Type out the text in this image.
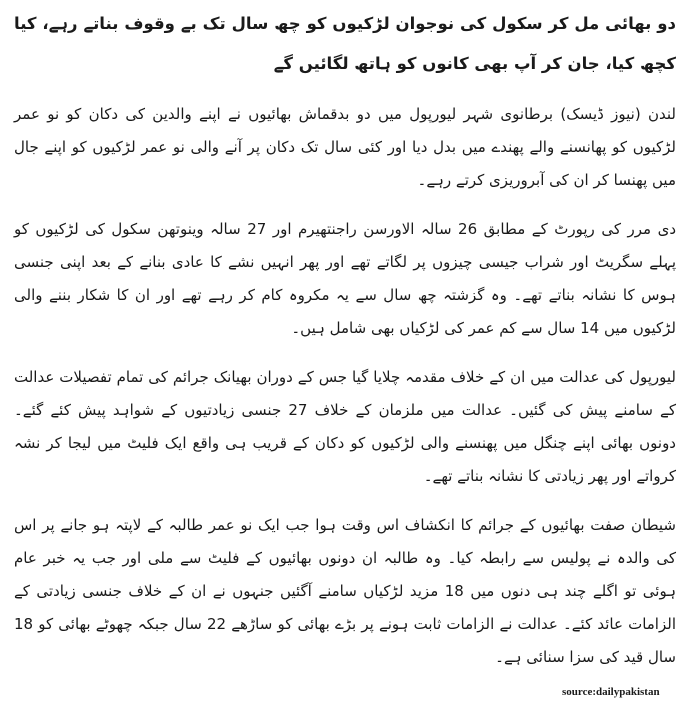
دو بھائی مل کر سکول کی نوجوان لڑکیوں کو چھ سال تک بے وقوف بناتے رہے، کیا کچھ کیا، جان کر آپ بھی کانوں کو ہاتھ لگائیں گے
لندن (نیوز ڈیسک) برطانوی شہر لیورپول میں دو بدقماش بھائیوں نے اپنے والدین کی دکان کو نو عمر لڑکیوں کو پھانسنے والے پھندے میں بدل دیا اور کئی سال تک دکان پر آنے والی نو عمر لڑکیوں کو اپنے جال میں پھنسا کر ان کی آبروریزی کرتے رہے۔
دی مرر کی رپورٹ کے مطابق 26 سالہ الاورسن راجنتھیرم اور 27 سالہ وینوتھن سکول کی لڑکیوں کو پہلے سگریٹ اور شراب جیسی چیزوں پر لگاتے تھے اور پھر انہیں نشے کا عادی بنانے کے بعد اپنی جنسی ہوس کا نشانہ بناتے تھے۔ وہ گزشتہ چھ سال سے یہ مکروہ کام کر رہے تھے اور ان کا شکار بننے والی لڑکیوں میں 14 سال سے کم عمر کی لڑکیاں بھی شامل ہیں۔
لیورپول کی عدالت میں ان کے خلاف مقدمہ چلایا گیا جس کے دوران بھیانک جرائم کی تمام تفصیلات عدالت کے سامنے پیش کی گئیں۔ عدالت میں ملزمان کے خلاف 27 جنسی زیادتیوں کے شواہد پیش کئے گئے۔ دونوں بھائی اپنے چنگل میں پھنسنے والی لڑکیوں کو دکان کے قریب ہی واقع ایک فلیٹ میں لیجا کر نشہ کرواتے اور پھر زیادتی کا نشانہ بناتے تھے۔
شیطان صفت بھائیوں کے جرائم کا انکشاف اس وقت ہوا جب ایک نو عمر طالبہ کے لاپتہ ہو جانے پر اس کی والدہ نے پولیس سے رابطہ کیا۔ وہ طالبہ ان دونوں بھائیوں کے فلیٹ سے ملی اور جب یہ خبر عام ہوئی تو اگلے چند ہی دنوں میں 18 مزید لڑکیاں سامنے آگئیں جنہوں نے ان کے خلاف جنسی زیادتی کے الزامات عائد کئے۔ عدالت نے الزامات ثابت ہونے پر بڑے بھائی کو ساڑھے 22 سال جبکہ چھوٹے بھائی کو 18 سال قید کی سزا سنائی ہے۔
source:dailypakistan
